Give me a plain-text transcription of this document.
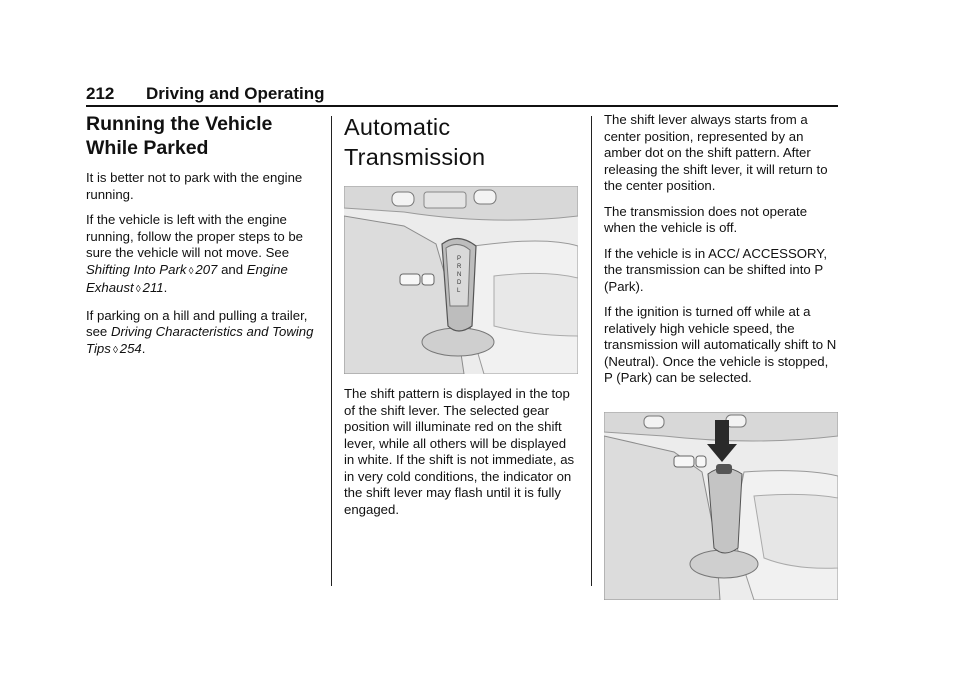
212 Driving and Operating
Running the Vehicle While Parked

It is better not to park with the engine running.

If the vehicle is left with the engine running, follow the proper steps to be sure the vehicle will not move. See Shifting Into Park ◊ 207 and Engine Exhaust ◊ 211.

If parking on a hill and pulling a trailer, see Driving Characteristics and Towing Tips ◊ 254.

Automatic Transmission
P
R
N
D
L

The shift pattern is displayed in the top of the shift lever. The selected gear position will illuminate red on the shift lever, while all others will be displayed in white. If the shift is not immediate, as in very cold conditions, the indicator on the shift lever may flash until it is fully engaged.

The shift lever always starts from a center position, represented by an amber dot on the shift pattern. After releasing the shift lever, it will return to the center position.

The transmission does not operate when the vehicle is off.

If the vehicle is in ACC/ ACCESSORY, the transmission can be shifted into P (Park).

If the ignition is turned off while at a relatively high vehicle speed, the transmission will automatically shift to N (Neutral). Once the vehicle is stopped, P (Park) can be selected.
